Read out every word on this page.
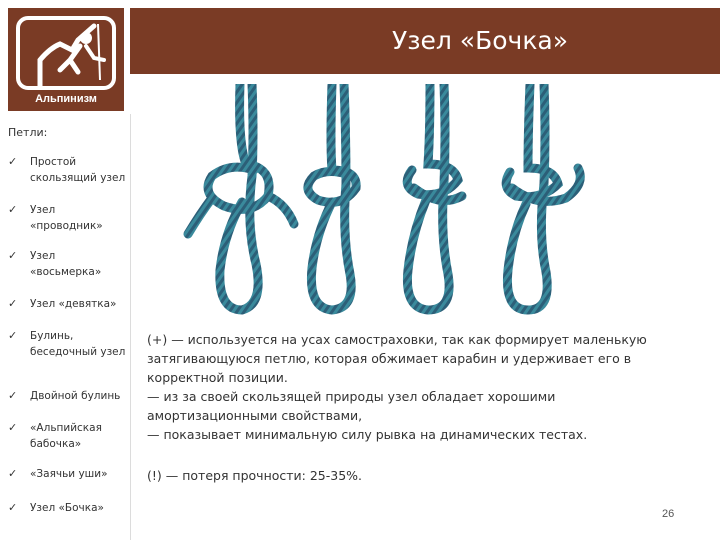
Узел «Бочка»
Альпинизм
Петли:
✓ Простой скользящий узел
✓ Узел «проводник»
✓ Узел «восьмерка»
✓ Узел «девятка»
✓ Булинь, беседочный узел
✓ Двойной булинь
✓ «Альпийская бабочка»
✓ «Заячьи уши»
✓ Узел «Бочка»
(+) — используется на усах самостраховки, так как формирует маленькую
затягивающуюся петлю, которая обжимает карабин и удерживает его в
корректной позиции.
— из за своей скользящей природы узел обладает хорошими
амортизационными свойствами,
— показывает минимальную силу рывка на динамических тестах.
(!) — потеря прочности: 25-35%.
26
